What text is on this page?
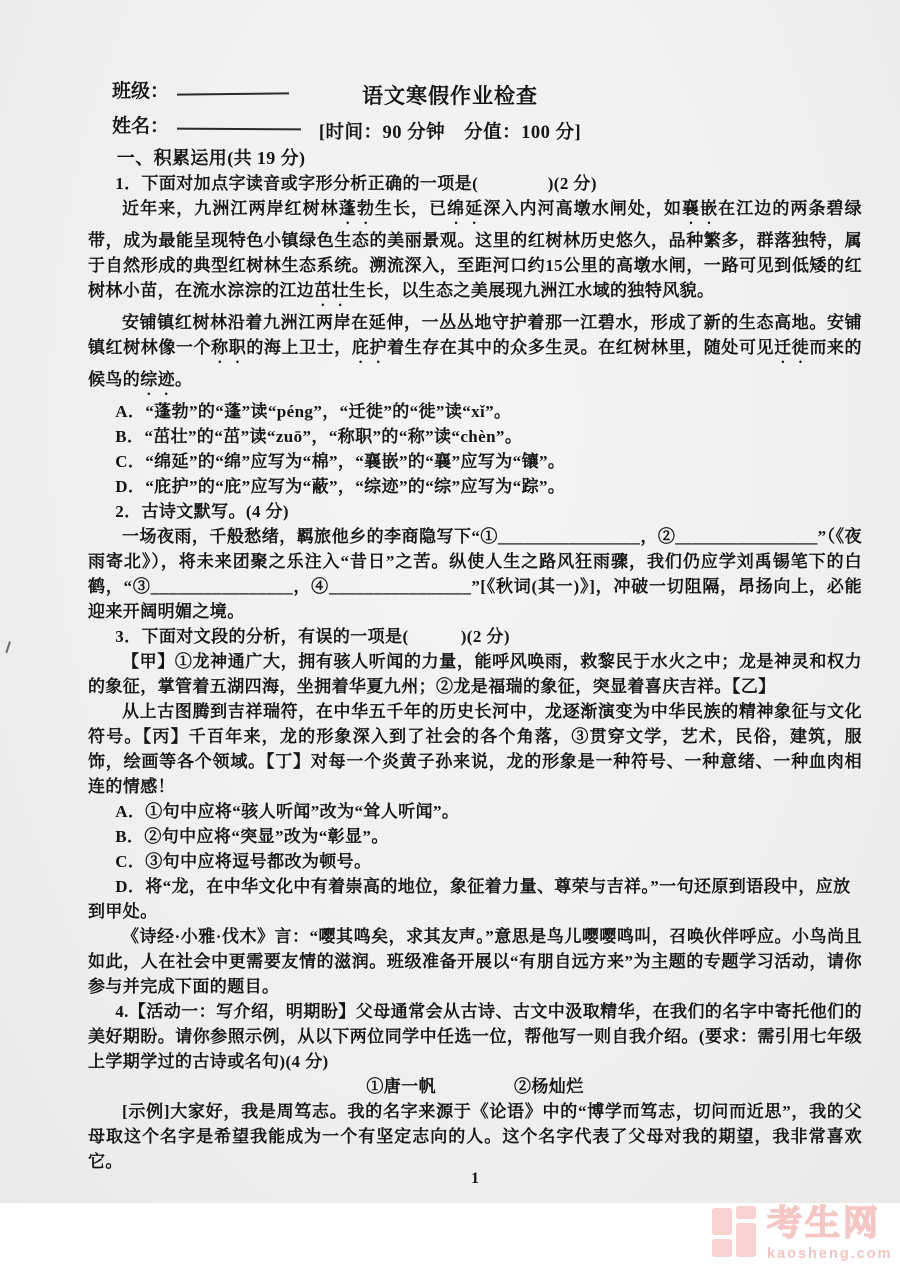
班级：
姓名：
语文寒假作业检查
[时间：90 分钟　分值：100 分]

一、积累运用(共 19 分)

1．下面对加点字读音或字形分析正确的一项是(　　　　)(2 分)

近年来，九洲江两岸红树林蓬勃生长，已绵延深入内河高墩水闸处，如襄嵌在江边的两条碧绿带，成为最能呈现特色小镇绿色生态的美丽景观。这里的红树林历史悠久，品种繁多，群落独特，属于自然形成的典型红树林生态系统。溯流深入，至距河口约15公里的高墩水闸，一路可见到低矮的红树林小苗，在流水淙淙的江边茁壮生长，以生态之美展现九洲江水域的独特风貌。

安铺镇红树林沿着九洲江两岸在延伸，一丛丛地守护着那一江碧水，形成了新的生态高地。安铺镇红树林像一个称职的海上卫士，庇护着生存在其中的众多生灵。在红树林里，随处可见迁徙而来的候鸟的综迹。

A．“蓬勃”的“蓬”读“péng”，“迁徙”的“徙”读“xǐ”。

B．“茁壮”的“茁”读“zuō”，“称职”的“称”读“chèn”。

C．“绵延”的“绵”应写为“棉”，“襄嵌”的“襄”应写为“镶”。

D．“庇护”的“庇”应写为“蔽”，“综迹”的“综”应写为“踪”。

2．古诗文默写。(4 分)

一场夜雨，千般愁绪，羁旅他乡的李商隐写下“①________________，②________________”（《夜雨寄北》），将未来团聚之乐注入“昔日”之苦。纵使人生之路风狂雨骤，我们仍应学刘禹锡笔下的白鹤，“③________________，④________________”[《秋词(其一)》]，冲破一切阻隔，昂扬向上，必能迎来开阔明媚之境。

3．下面对文段的分析，有误的一项是(　　　)(2 分)

【甲】①龙神通广大，拥有骇人听闻的力量，能呼风唤雨，救黎民于水火之中；龙是神灵和权力的象征，掌管着五湖四海，坐拥着华夏九州；②龙是福瑞的象征，突显着喜庆吉祥。【乙】

从上古图腾到吉祥瑞符，在中华五千年的历史长河中，龙逐渐演变为中华民族的精神象征与文化符号。【丙】千百年来，龙的形象深入到了社会的各个角落，③贯穿文学，艺术，民俗，建筑，服饰，绘画等各个领域。【丁】对每一个炎黄子孙来说，龙的形象是一种符号、一种意绪、一种血肉相连的情感！

A．①句中应将“骇人听闻”改为“耸人听闻”。

B．②句中应将“突显”改为“彰显”。

C．③句中应将逗号都改为顿号。

D．将“龙，在中华文化中有着崇高的地位，象征着力量、尊荣与吉祥。”一句还原到语段中，应放到甲处。

《诗经·小雅·伐木》言：“嘤其鸣矣，求其友声。”意思是鸟儿嘤嘤鸣叫，召唤伙伴呼应。小鸟尚且如此，人在社会中更需要友情的滋润。班级准备开展以“有朋自远方来”为主题的专题学习活动，请你参与并完成下面的题目。

4.【活动一：写介绍，明期盼】父母通常会从古诗、古文中汲取精华，在我们的名字中寄托他们的美好期盼。请你参照示例，从以下两位同学中任选一位，帮他写一则自我介绍。(要求：需引用七年级上学期学过的古诗或名句)(4 分)

①唐一帆	②杨灿烂

[示例]大家好，我是周笃志。我的名字来源于《论语》中的“博学而笃志，切问而近思”，我的父母取这个名字是希望我能成为一个有坚定志向的人。这个名字代表了父母对我的期望，我非常喜欢它。

1
考生网
kaosheng.com
